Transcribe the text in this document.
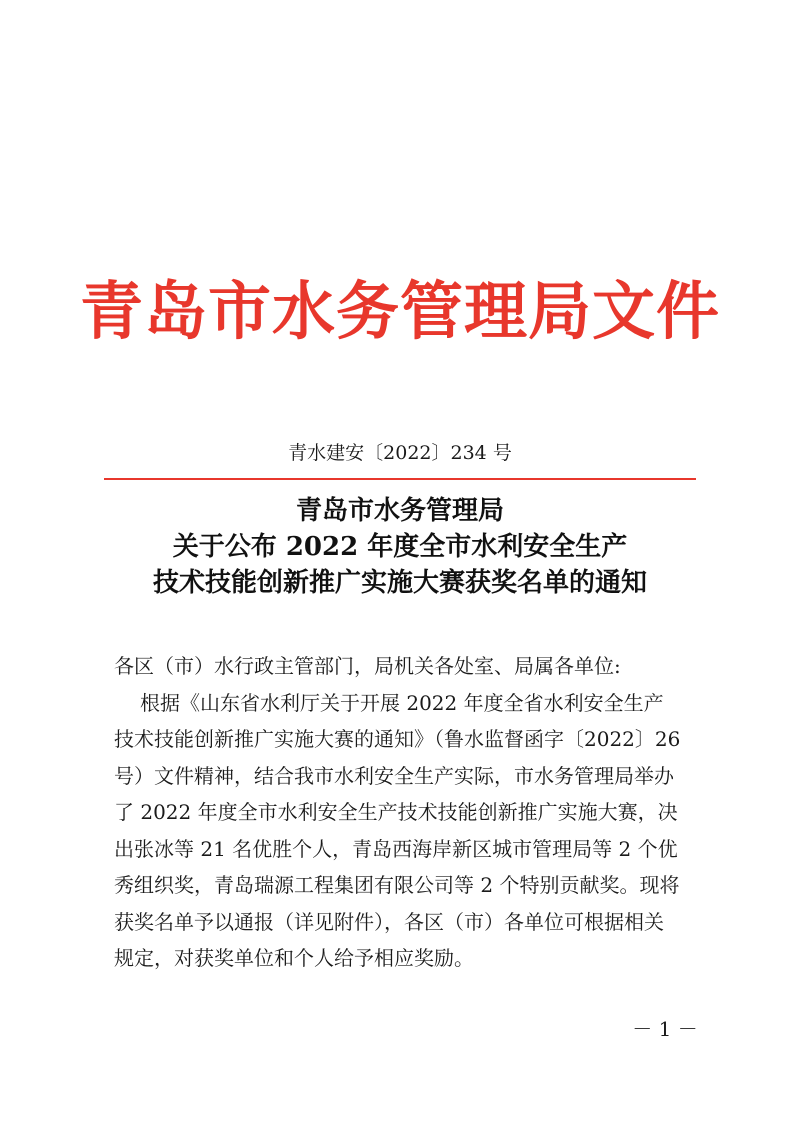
青岛市水务管理局文件
青水建安〔2022〕234 号
青岛市水务管理局
关于公布 2022 年度全市水利安全生产
技术技能创新推广实施大赛获奖名单的通知
各区（市）水行政主管部门，局机关各处室、局属各单位:
根据《山东省水利厅关于开展 2022 年度全省水利安全生产
技术技能创新推广实施大赛的通知》（鲁水监督函字〔2022〕26
号）文件精神，结合我市水利安全生产实际，市水务管理局举办
了 2022 年度全市水利安全生产技术技能创新推广实施大赛，决
出张冰等 21 名优胜个人，青岛西海岸新区城市管理局等 2 个优
秀组织奖，青岛瑞源工程集团有限公司等 2 个特别贡献奖。现将
获奖名单予以通报（详见附件），各区（市）各单位可根据相关
规定，对获奖单位和个人给予相应奖励。
－ 1 －
